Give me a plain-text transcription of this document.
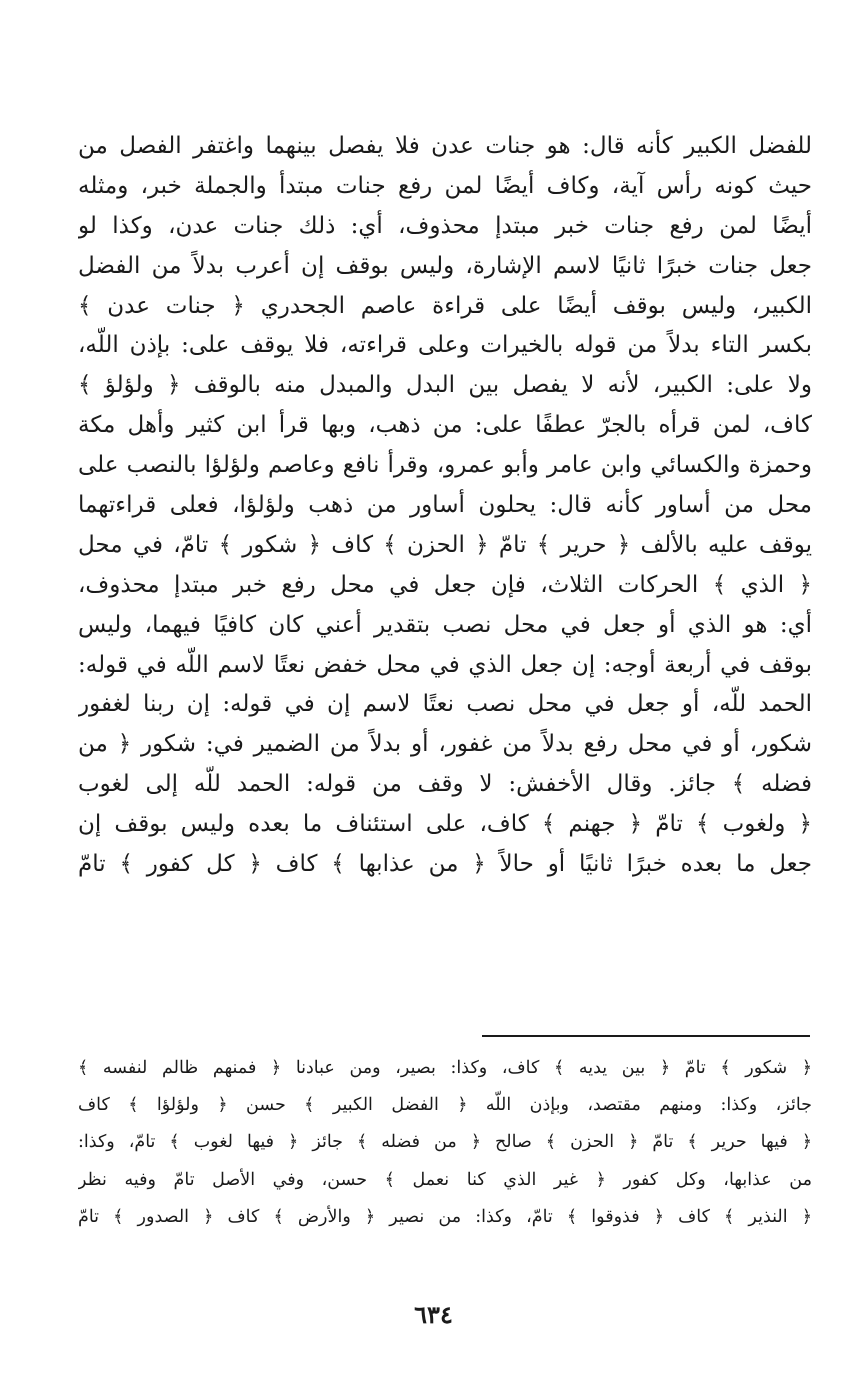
للفضل الكبير كأنه قال: هو جنات عدن فلا يفصل بينهما واغتفر الفصل من
حيث كونه رأس آية، وكاف أيضًا لمن رفع جنات مبتدأ والجملة خبر، ومثله
أيضًا لمن رفع جنات خبر مبتدإ محذوف، أي: ذلك جنات عدن، وكذا لو
جعل جنات خبرًا ثانيًا لاسم الإشارة، وليس بوقف إن أعرب بدلاً من الفضل
الكبير، وليس بوقف أيضًا على قراءة عاصم الجحدري ﴿ جنات عدن ﴾
بكسر التاء بدلاً من قوله بالخيرات وعلى قراءته، فلا يوقف على: بإذن اللّه،
ولا على: الكبير، لأنه لا يفصل بين البدل والمبدل منه بالوقف ﴿ ولؤلؤ ﴾
كاف، لمن قرأه بالجرّ عطفًا على: من ذهب، وبها قرأ ابن كثير وأهل مكة
وحمزة والكسائي وابن عامر وأبو عمرو، وقرأ نافع وعاصم ولؤلؤا بالنصب على
محل من أساور كأنه قال: يحلون أساور من ذهب ولؤلؤا، فعلى قراءتهما
يوقف عليه بالألف ﴿ حرير ﴾ تامّ ﴿ الحزن ﴾ كاف ﴿ شكور ﴾ تامّ، في محل
﴿ الذي ﴾ الحركات الثلاث، فإن جعل في محل رفع خبر مبتدإ محذوف،
أي: هو الذي أو جعل في محل نصب بتقدير أعني كان كافيًا فيهما، وليس
بوقف في أربعة أوجه: إن جعل الذي في محل خفض نعتًا لاسم اللّه في قوله:
الحمد للّه، أو جعل في محل نصب نعتًا لاسم إن في قوله: إن ربنا لغفور
شكور، أو في محل رفع بدلاً من غفور، أو بدلاً من الضمير في: شكور ﴿ من
فضله ﴾ جائز. وقال الأخفش: لا وقف من قوله: الحمد للّه إلى لغوب
﴿ ولغوب ﴾ تامّ ﴿ جهنم ﴾ كاف، على استئناف ما بعده وليس بوقف إن
جعل ما بعده خبرًا ثانيًا أو حالاً ﴿ من عذابها ﴾ كاف ﴿ كل كفور ﴾ تامّ
﴿ شكور ﴾ تامّ ﴿ بين يديه ﴾ كاف، وكذا: بصير، ومن عبادنا ﴿ فمنهم ظالم لنفسه ﴾
جائز، وكذا: ومنهم مقتصد، وبإذن اللّه ﴿ الفضل الكبير ﴾ حسن ﴿ ولؤلؤا ﴾ كاف
﴿ فيها حرير ﴾ تامّ ﴿ الحزن ﴾ صالح ﴿ من فضله ﴾ جائز ﴿ فيها لغوب ﴾ تامّ، وكذا:
من عذابها، وكل كفور ﴿ غير الذي كنا نعمل ﴾ حسن، وفي الأصل تامّ وفيه نظر
﴿ النذير ﴾ كاف ﴿ فذوقوا ﴾ تامّ، وكذا: من نصير ﴿ والأرض ﴾ كاف ﴿ الصدور ﴾ تامّ
٦٣٤
